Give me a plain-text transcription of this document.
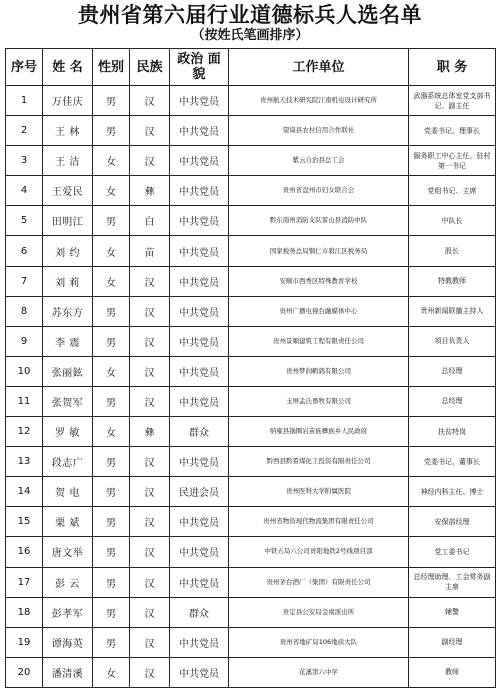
贵州省第六届行业道德标兵人选名单
（按姓氏笔画排序）
序号	姓 名	性别	民族	政治 面貌	工作单位	职 务
1	万佳庆	男	汉	中共党员	贵州航天技术研究院江南机电设计研究所	武器系统总体室党支部书记、副主任
2	王 林	男	汉	中共党员	望谟县农村信用合作联社	党委书记、理事长
3	王 洁	女	汉	中共党员	紫云自治县总工会	服务职工中心主任、驻村第一书记
4	王爱民	女	彝	中共党员	贵州省盘州市妇女联合会	党组书记、主席
5	田明江	男	白	中共党员	黔东南州消防支队雷山县消防中队	中队长
6	刘 约	女	苗	中共党员	国家税务总局铜仁市碧江区税务局	股长
7	刘 莉	女	汉	中共党员	安顺市西秀区特殊教育学校	特教教师
8	苏东方	男	汉	中共党员	贵州广播电视台融媒体中心	贵州新闻联播主持人
9	李 震	男	汉	中共党员	贵州景顺建筑工程有限责任公司	项目负责人
10	张丽鉉	女	汉	中共党员	贵州梦润鹌鹑有限公司	总经理
11	张贺军	男	汉	中共党员	玉屏孟氏畜牧有限公司	总经理
12	罗 敏	女	彝	群众	纳雍县锅圈岩苗族彝族乡人民政府	扶贫特岗
13	段志广	男	汉	中共党员	黔西县黔希煤化工投资有限责任公司	党委书记、董事长
14	贺 电	男	汉	民进会员	贵州医科大学附属医院	神经内科主任、博士
15	栗 斌	男	汉	中共党员	贵州省物资现代物流集团有限责任公司	安保部经理
16	唐文举	男	汉	中共党员	中铁五局六公司贵阳地铁2号线项目部	党工委书记
17	彭 云	男	汉	中共党员	贵州茅台酒厂（集团）有限责任公司	总经理助理、工会常务副主席
18	彭孝军	男	汉	群众	贵定县公安局金南派出所	辅警
19	谭海英	男	汉	中共党员	贵州省地矿局106地质大队	副经理
20	潘清溪	女	汉	中共党员	花溪第六中学	教师
